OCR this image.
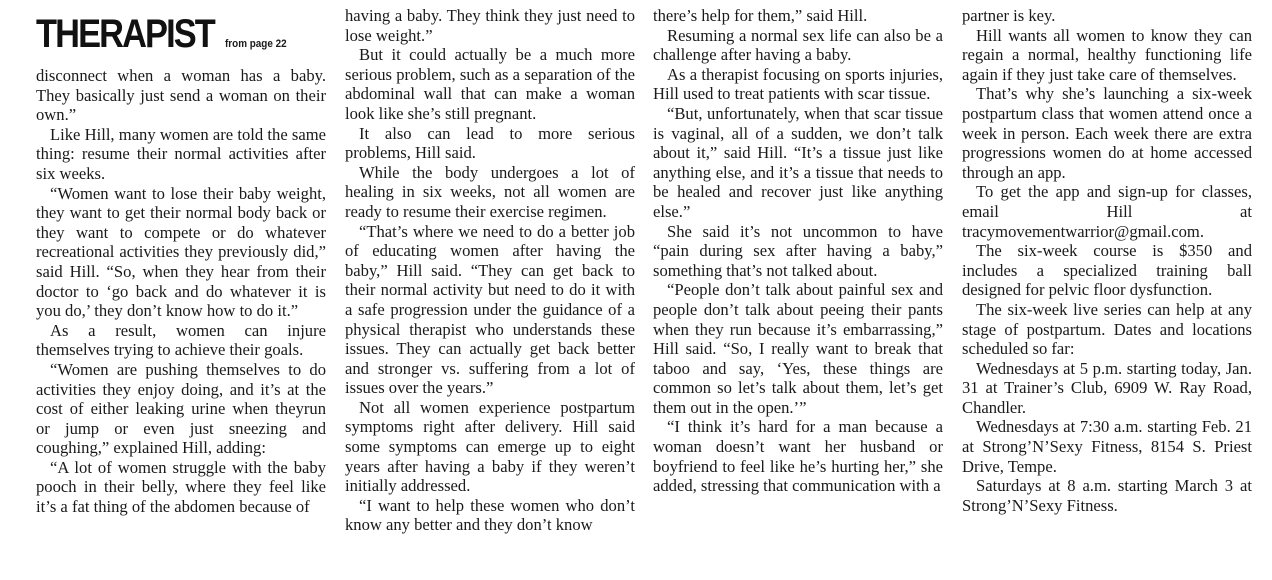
THERAPIST from page 22

disconnect when a woman has a baby. They basically just send a woman on their own.”

Like Hill, many women are told the same thing: resume their normal activities after six weeks.

“Women want to lose their baby weight, they want to get their normal body back or they want to compete or do whatever recreational activities they previously did,” said Hill. “So, when they hear from their doctor to ‘go back and do whatever it is you do,’ they don’t know how to do it.”

As a result, women can injure themselves trying to achieve their goals.

“Women are pushing themselves to do activities they enjoy doing, and it’s at the cost of either leaking urine when theyrun or jump or even just sneezing and coughing,” explained Hill, adding:

“A lot of women struggle with the baby pooch in their belly, where they feel like it’s a fat thing of the abdomen because of

having a baby. They think they just need to lose weight.”

But it could actually be a much more serious problem, such as a separation of the abdominal wall that can make a woman look like she’s still pregnant.

It also can lead to more serious problems, Hill said.

While the body undergoes a lot of healing in six weeks, not all women are ready to resume their exercise regimen.

“That’s where we need to do a better job of educating women after having the baby,” Hill said. “They can get back to their normal activity but need to do it with a safe progression under the guidance of a physical therapist who understands these issues. They can actually get back better and stronger vs. suffering from a lot of issues over the years.”

Not all women experience postpartum symptoms right after delivery. Hill said some symptoms can emerge up to eight years after having a baby if they weren’t initially addressed.

“I want to help these women who don’t know any better and they don’t know

there’s help for them,” said Hill.

Resuming a normal sex life can also be a challenge after having a baby.

As a therapist focusing on sports injuries, Hill used to treat patients with scar tissue.

“But, unfortunately, when that scar tissue is vaginal, all of a sudden, we don’t talk about it,” said Hill. “It’s a tissue just like anything else, and it’s a tissue that needs to be healed and recover just like anything else.”

She said it’s not uncommon to have “pain during sex after having a baby,” something that’s not talked about.

“People don’t talk about painful sex and people don’t talk about peeing their pants when they run because it’s embarrassing,” Hill said. “So, I really want to break that taboo and say, ‘Yes, these things are common so let’s talk about them, let’s get them out in the open.’”

“I think it’s hard for a man because a woman doesn’t want her husband or boyfriend to feel like he’s hurting her,” she added, stressing that communication with a

partner is key.

Hill wants all women to know they can regain a normal, healthy functioning life again if they just take care of themselves.

That’s why she’s launching a six-week postpartum class that women attend once a week in person. Each week there are extra progressions women do at home accessed through an app.

To get the app and sign-up for classes, email Hill at tracymovementwarrior@gmail.com.

The six-week course is $350 and includes a specialized training ball designed for pelvic floor dysfunction.

The six-week live series can help at any stage of postpartum. Dates and locations scheduled so far:

Wednesdays at 5 p.m. starting today, Jan. 31 at Trainer’s Club, 6909 W. Ray Road, Chandler.

Wednesdays at 7:30 a.m. starting Feb. 21 at Strong’N’Sexy Fitness, 8154 S. Priest Drive, Tempe.

Saturdays at 8 a.m. starting March 3 at Strong’N’Sexy Fitness.
